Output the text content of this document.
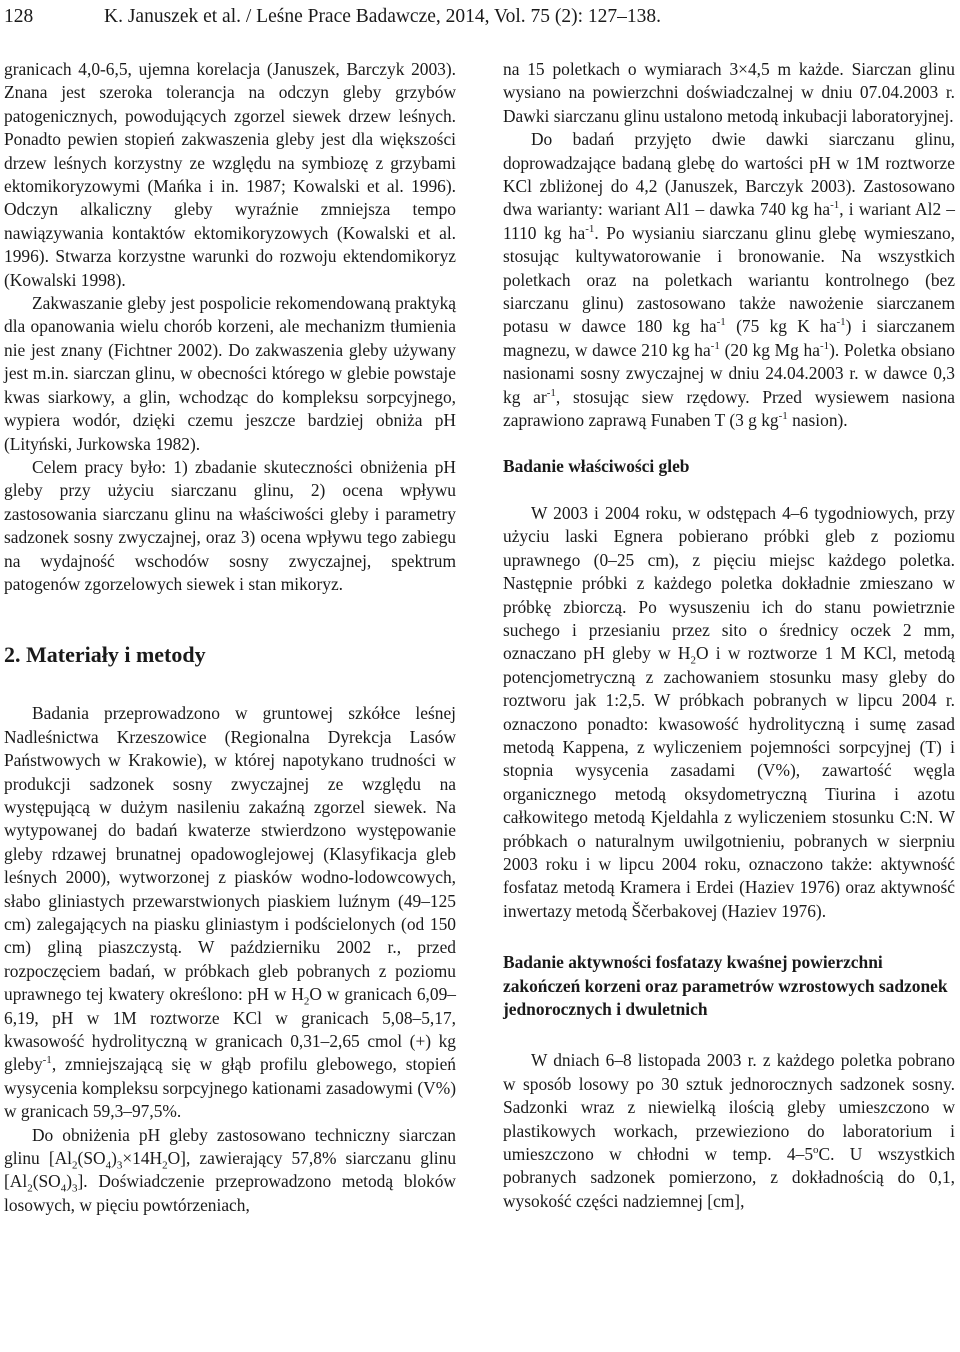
128	K. Januszek et al. / Leśne Prace Badawcze, 2014, Vol. 75 (2): 127–138.

granicach 4,0-6,5, ujemna korelacja (Januszek, Barczyk 2003). Znana jest szeroka tolerancja na odczyn gleby grzybów patogenicznych, powodujących zgorzel siewek drzew leśnych. Ponadto pewien stopień zakwaszenia gleby jest dla większości drzew leśnych korzystny ze względu na symbiozę z grzybami ektomikoryzowymi (Mańka i in. 1987; Kowalski et al. 1996). Odczyn alkaliczny gleby wyraźnie zmniejsza tempo nawiązywania kontaktów ektomikoryzowych (Kowalski et al. 1996). Stwarza korzystne warunki do rozwoju ektendomikoryz (Kowalski 1998).

Zakwaszanie gleby jest pospolicie rekomendowaną praktyką dla opanowania wielu chorób korzeni, ale mechanizm tłumienia nie jest znany (Fichtner 2002). Do zakwaszenia gleby używany jest m.in. siarczan glinu, w obecności którego w glebie powstaje kwas siarkowy, a glin, wchodząc do kompleksu sorpcyjnego, wypiera wodór, dzięki czemu jeszcze bardziej obniża pH (Lityński, Jurkowska 1982).

Celem pracy było: 1) zbadanie skuteczności obniżenia pH gleby przy użyciu siarczanu glinu, 2) ocena wpływu zastosowania siarczanu glinu na właściwości gleby i parametry sadzonek sosny zwyczajnej, oraz 3) ocena wpływu tego zabiegu na wydajność wschodów sosny zwyczajnej, spektrum patogenów zgorzelowych siewek i stan mikoryz.

2. Materiały i metody

Badania przeprowadzono w gruntowej szkółce leśnej Nadleśnictwa Krzeszowice (Regionalna Dyrekcja Lasów Państwowych w Krakowie), w której napotykano trudności w produkcji sadzonek sosny zwyczajnej ze względu na występującą w dużym nasileniu zakaźną zgorzel siewek. Na wytypowanej do badań kwaterze stwierdzono występowanie gleby rdzawej brunatnej opadowoglejowej (Klasyfikacja gleb leśnych 2000), wytworzonej z piasków wodno-lodowcowych, słabo gliniastych przewarstwionych piaskiem luźnym (49–125 cm) zalegających na piasku gliniastym i podścielonych (od 150 cm) gliną piaszczystą. W październiku 2002 r., przed rozpoczęciem badań, w próbkach gleb pobranych z poziomu uprawnego tej kwatery określono: pH w $H_2O$ w granicach 6,09–6,19, pH w 1M roztworze KCl w granicach 5,08–5,17, kwasowość hydrolityczną w granicach 0,31–2,65 cmol (+) kg gleby$^{-1}$, zmniejszającą się w głąb profilu glebowego, stopień wysycenia kompleksu sorpcyjnego kationami zasadowymi (V%) w granicach 59,3–97,5%.

Do obniżenia pH gleby zastosowano techniczny siarczan glinu $[Al_2(SO_4)_3\times 14H_2O]$, zawierający 57,8% siarczanu glinu $[Al_2(SO_4)_3]$. Doświadczenie przeprowadzono metodą bloków losowych, w pięciu powtórzeniach,

na 15 poletkach o wymiarach 3×4,5 m każde. Siarczan glinu wysiano na powierzchni doświadczalnej w dniu 07.04.2003 r. Dawki siarczanu glinu ustalono metodą inkubacji laboratoryjnej.

Do badań przyjęto dwie dawki siarczanu glinu, doprowadzające badaną glebę do wartości pH w 1M roztworze KCl zbliżonej do 4,2 (Januszek, Barczyk 2003). Zastosowano dwa warianty: wariant Al1 – dawka 740 kg $ha^{-1}$, i wariant Al2 – 1110 kg $ha^{-1}$. Po wysianiu siarczanu glinu glebę wymieszano, stosując kultywatorowanie i bronowanie. Na wszystkich poletkach oraz na poletkach wariantu kontrolnego (bez siarczanu glinu) zastosowano także nawożenie siarczanem potasu w dawce 180 kg $ha^{-1}$ (75 kg K $ha^{-1}$) i siarczanem magnezu, w dawce 210 kg $ha^{-1}$ (20 kg Mg $ha^{-1}$). Poletka obsiano nasionami sosny zwyczajnej w dniu 24.04.2003 r. w dawce 0,3 kg $ar^{-1}$, stosując siew rzędowy. Przed wysiewem nasiona zaprawiono zaprawą Funaben T (3 g $kg^{-1}$ nasion).

Badanie właściwości gleb

W 2003 i 2004 roku, w odstępach 4–6 tygodniowych, przy użyciu laski Egnera pobierano próbki gleb z poziomu uprawnego (0–25 cm), z pięciu miejsc każdego poletka. Następnie próbki z każdego poletka dokładnie zmieszano w próbkę zbiorczą. Po wysuszeniu ich do stanu powietrznie suchego i przesianiu przez sito o średnicy oczek 2 mm, oznaczano pH gleby w $H_2O$ i w roztworze 1 M KCl, metodą potencjometryczną z zachowaniem stosunku masy gleby do roztworu jak 1:2,5. W próbkach pobranych w lipcu 2004 r. oznaczono ponadto: kwasowość hydrolityczną i sumę zasad metodą Kappena, z wyliczeniem pojemności sorpcyjnej (T) i stopnia wysycenia zasadami (V%), zawartość węgla organicznego metodą oksydometryczną Tiurina i azotu całkowitego metodą Kjeldahla z wyliczeniem stosunku C:N. W próbkach o naturalnym uwilgotnieniu, pobranych w sierpniu 2003 roku i w lipcu 2004 roku, oznaczono także: aktywność fosfataz metodą Kramera i Erdei (Haziev 1976) oraz aktywność inwertazy metodą Ščerbakovej (Haziev 1976).

Badanie aktywności fosfatazy kwaśnej powierzchni zakończeń korzeni oraz parametrów wzrostowych sadzonek jednorocznych i dwuletnich

W dniach 6–8 listopada 2003 r. z każdego poletka pobrano w sposób losowy po 30 sztuk jednorocznych sadzonek sosny. Sadzonki wraz z niewielką ilością gleby umieszczono w plastikowych workach, przewieziono do laboratorium i umieszczono w chłodni w temp. 4–5$^o$C. U wszystkich pobranych sadzonek pomierzono, z dokładnością do 0,1, wysokość części nadziemnej [cm],
